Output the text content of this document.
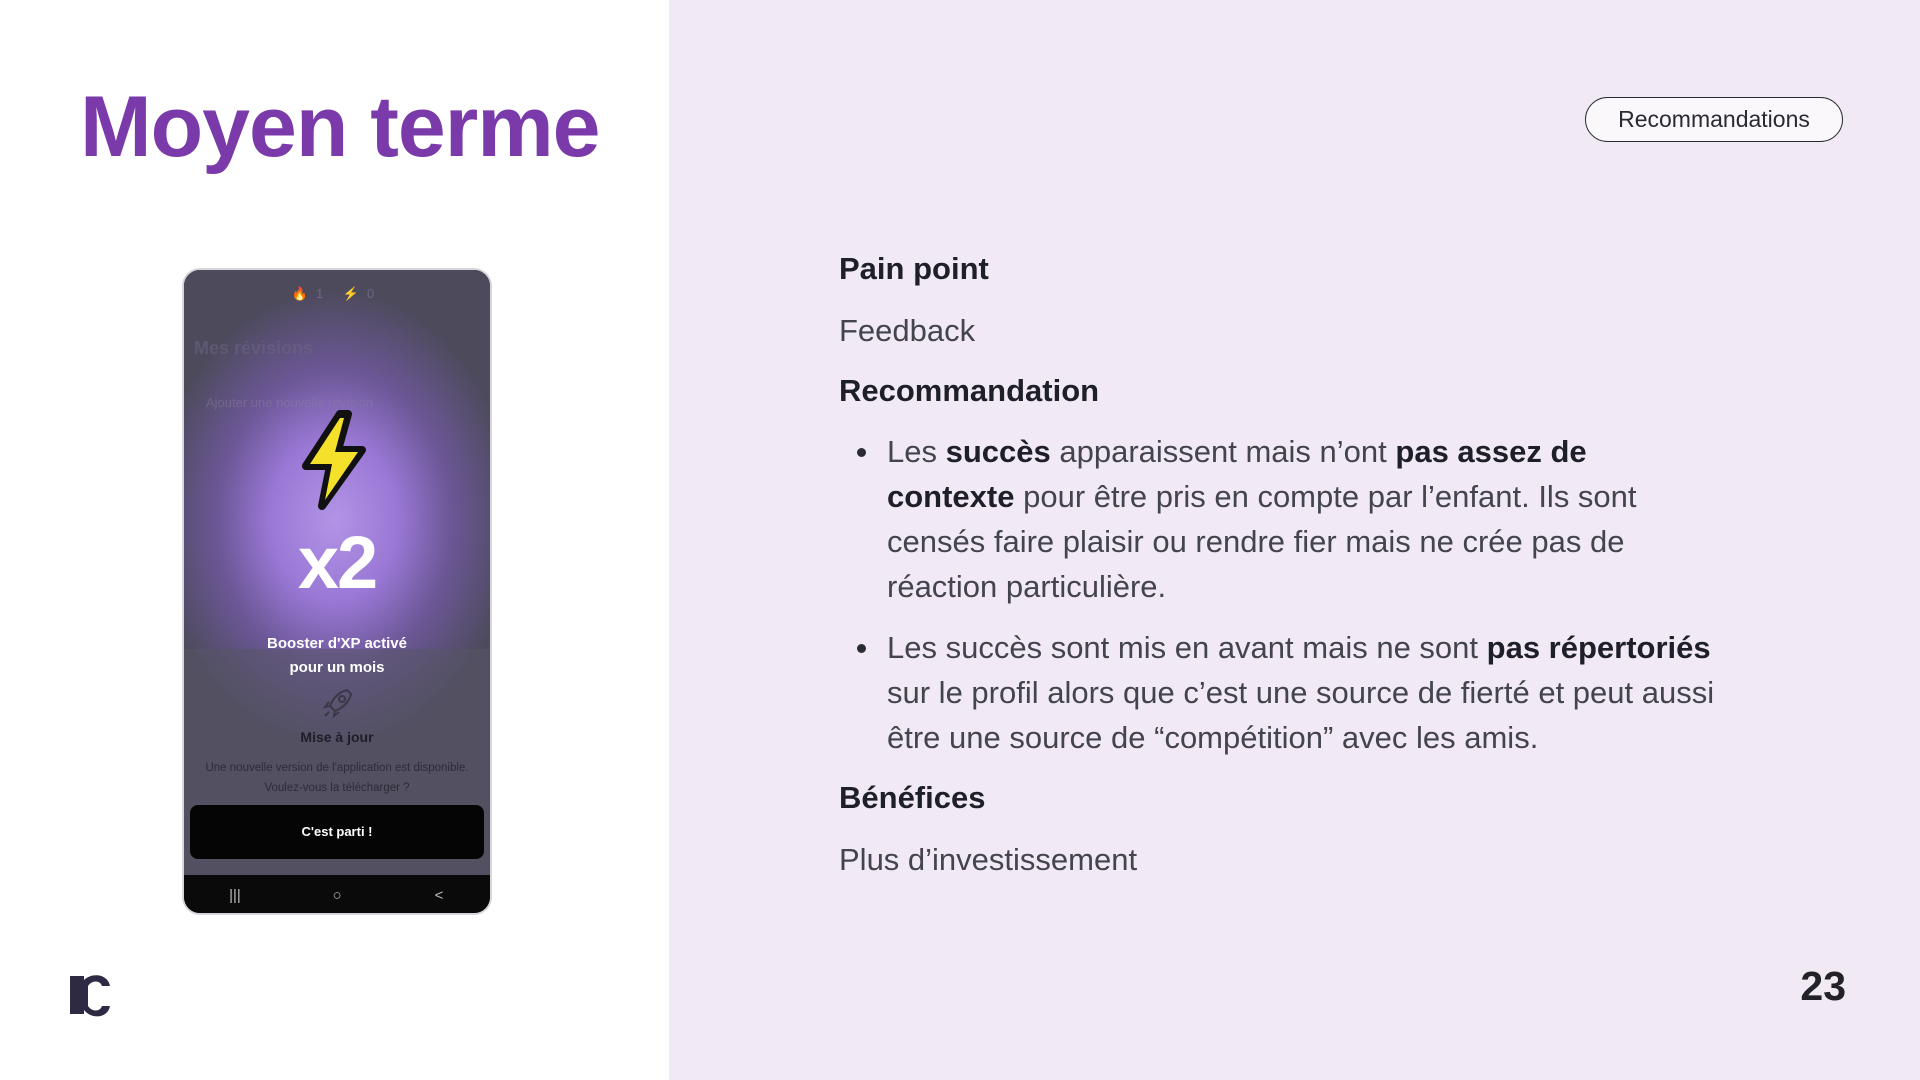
Moyen terme
🔥1 ⚡0
Mes révisions
Ajouter une nouvelle révision
x2
Booster d'XP activé
pour un mois
Mise à jour
Une nouvelle version de l'application est disponible. Voulez-vous la télécharger ?
C'est parti !
|||	○	<
Recommandations
Pain point
Feedback
Recommandation
Les succès apparaissent mais n’ont pas assez de contexte pour être pris en compte par l’enfant. Ils sont censés faire plaisir ou rendre fier mais ne crée pas de réaction particulière.
Les succès sont mis en avant mais ne sont pas répertoriés sur le profil alors que c’est une source de fierté et peut aussi être une source de “compétition” avec les amis.
Bénéfices
Plus d’investissement
23
